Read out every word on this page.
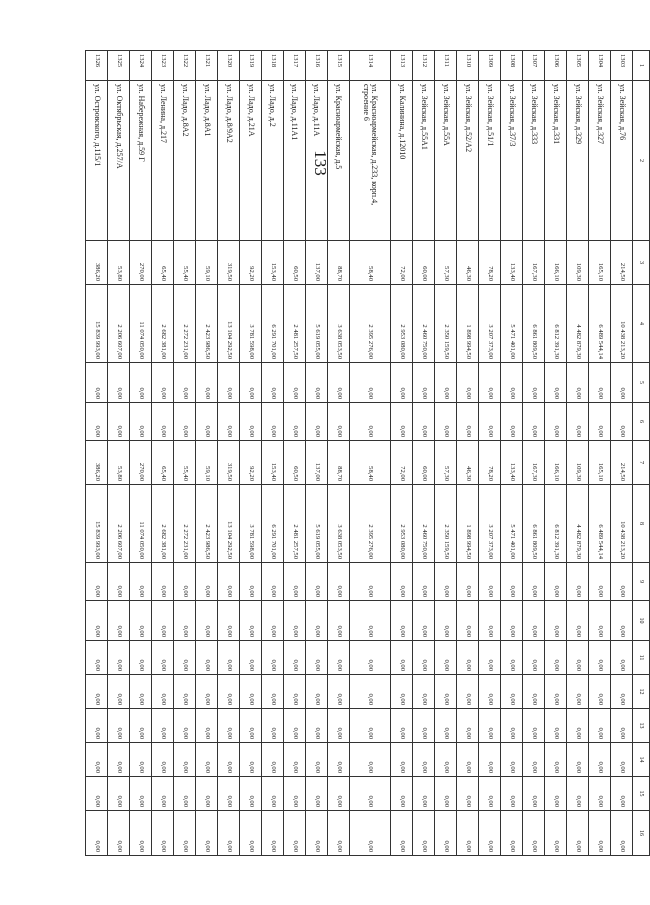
133
1	2	3	4	5	6	7	8	9	10	11	12	13	14	15	16
1303	ул. Зейская, д.76	214,50	10 438 213,20	0,00	0,00	214,50	10 438 213,20	0,00	0,00	0,00	0,00	0,00	0,00	0,00	0,00
1304	ул. Зейская, д.327	165,10	6 489 544,14	0,00	0,00	165,10	6 489 544,14	0,00	0,00	0,00	0,00	0,00	0,00	0,00	0,00
1305	ул. Зейская, д.329	109,30	4 482 879,30	0,00	0,00	109,30	4 482 879,30	0,00	0,00	0,00	0,00	0,00	0,00	0,00	0,00
1306	ул. Зейская, д.331	166,10	6 812 391,30	0,00	0,00	166,10	6 812 391,30	0,00	0,00	0,00	0,00	0,00	0,00	0,00	0,00
1307	ул. Зейская, д.333	167,30	6 861 809,50	0,00	0,00	167,30	6 861 809,50	0,00	0,00	0,00	0,00	0,00	0,00	0,00	0,00
1308	ул. Зейская, д.37/3	133,40	5 471 401,00	0,00	0,00	133,40	5 471 401,00	0,00	0,00	0,00	0,00	0,00	0,00	0,00	0,00
1309	ул. Зейская, д.51/1	78,20	3 207 373,00	0,00	0,00	78,20	3 207 373,00	0,00	0,00	0,00	0,00	0,00	0,00	0,00	0,00
1310	ул. Зейская, д.52/А2	46,30	1 898 994,50	0,00	0,00	46,30	1 898 994,50	0,00	0,00	0,00	0,00	0,00	0,00	0,00	0,00
1311	ул. Зейская, д.55А	57,30	2 350 159,50	0,00	0,00	57,30	2 350 159,50	0,00	0,00	0,00	0,00	0,00	0,00	0,00	0,00
1312	ул. Зейская, д.55А1	60,00	2 460 750,00	0,00	0,00	60,00	2 460 750,00	0,00	0,00	0,00	0,00	0,00	0,00	0,00	0,00
1313	ул. Калинина, д.12010	72,00	2 953 080,00	0,00	0,00	72,00	2 953 080,00	0,00	0,00	0,00	0,00	0,00	0,00	0,00	0,00
1314	ул. Красноармейская, д.233, корп.4, строение 6	58,40	2 395 276,00	0,00	0,00	58,40	2 395 276,00	0,00	0,00	0,00	0,00	0,00	0,00	0,00	0,00
1315	ул. Красноармейская, д.5	88,70	3 638 053,50	0,00	0,00	88,70	3 638 053,50	0,00	0,00	0,00	0,00	0,00	0,00	0,00	0,00
1316	ул. Ладо, д.11А	137,00	5 619 055,00	0,00	0,00	137,00	5 619 055,00	0,00	0,00	0,00	0,00	0,00	0,00	0,00	0,00
1317	ул. Ладо, д.11А1	60,50	2 481 257,50	0,00	0,00	60,50	2 481 257,50	0,00	0,00	0,00	0,00	0,00	0,00	0,00	0,00
1318	ул. Ладо, д.2	153,40	6 291 701,00	0,00	0,00	153,40	6 291 701,00	0,00	0,00	0,00	0,00	0,00	0,00	0,00	0,00
1319	ул. Ладо, д.21А	92,20	3 781 598,00	0,00	0,00	92,20	3 781 598,00	0,00	0,00	0,00	0,00	0,00	0,00	0,00	0,00
1320	ул. Ладо, д.8/9А2	319,50	13 104 292,50	0,00	0,00	319,50	13 104 292,50	0,00	0,00	0,00	0,00	0,00	0,00	0,00	0,00
1321	ул. Ладо, д.8А1	59,10	2 423 986,50	0,00	0,00	59,10	2 423 986,50	0,00	0,00	0,00	0,00	0,00	0,00	0,00	0,00
1322	ул. Ладо, д.8А2	55,40	2 272 231,00	0,00	0,00	55,40	2 272 231,00	0,00	0,00	0,00	0,00	0,00	0,00	0,00	0,00
1323	ул. Ленина, д.217	65,40	2 682 381,00	0,00	0,00	65,40	2 682 381,00	0,00	0,00	0,00	0,00	0,00	0,00	0,00	0,00
1324	ул. Набережная, д.59 Г	270,00	11 074 050,00	0,00	0,00	270,00	11 074 050,00	0,00	0,00	0,00	0,00	0,00	0,00	0,00	0,00
1325	ул. Октябрьская, д.257/А	53,80	2 206 607,00	0,00	0,00	53,80	2 206 607,00	0,00	0,00	0,00	0,00	0,00	0,00	0,00	0,00
1326	ул. Островского, д.115/1	386,20	15 839 993,00	0,00	0,00	386,20	15 839 993,00	0,00	0,00	0,00	0,00	0,00	0,00	0,00	0,00
